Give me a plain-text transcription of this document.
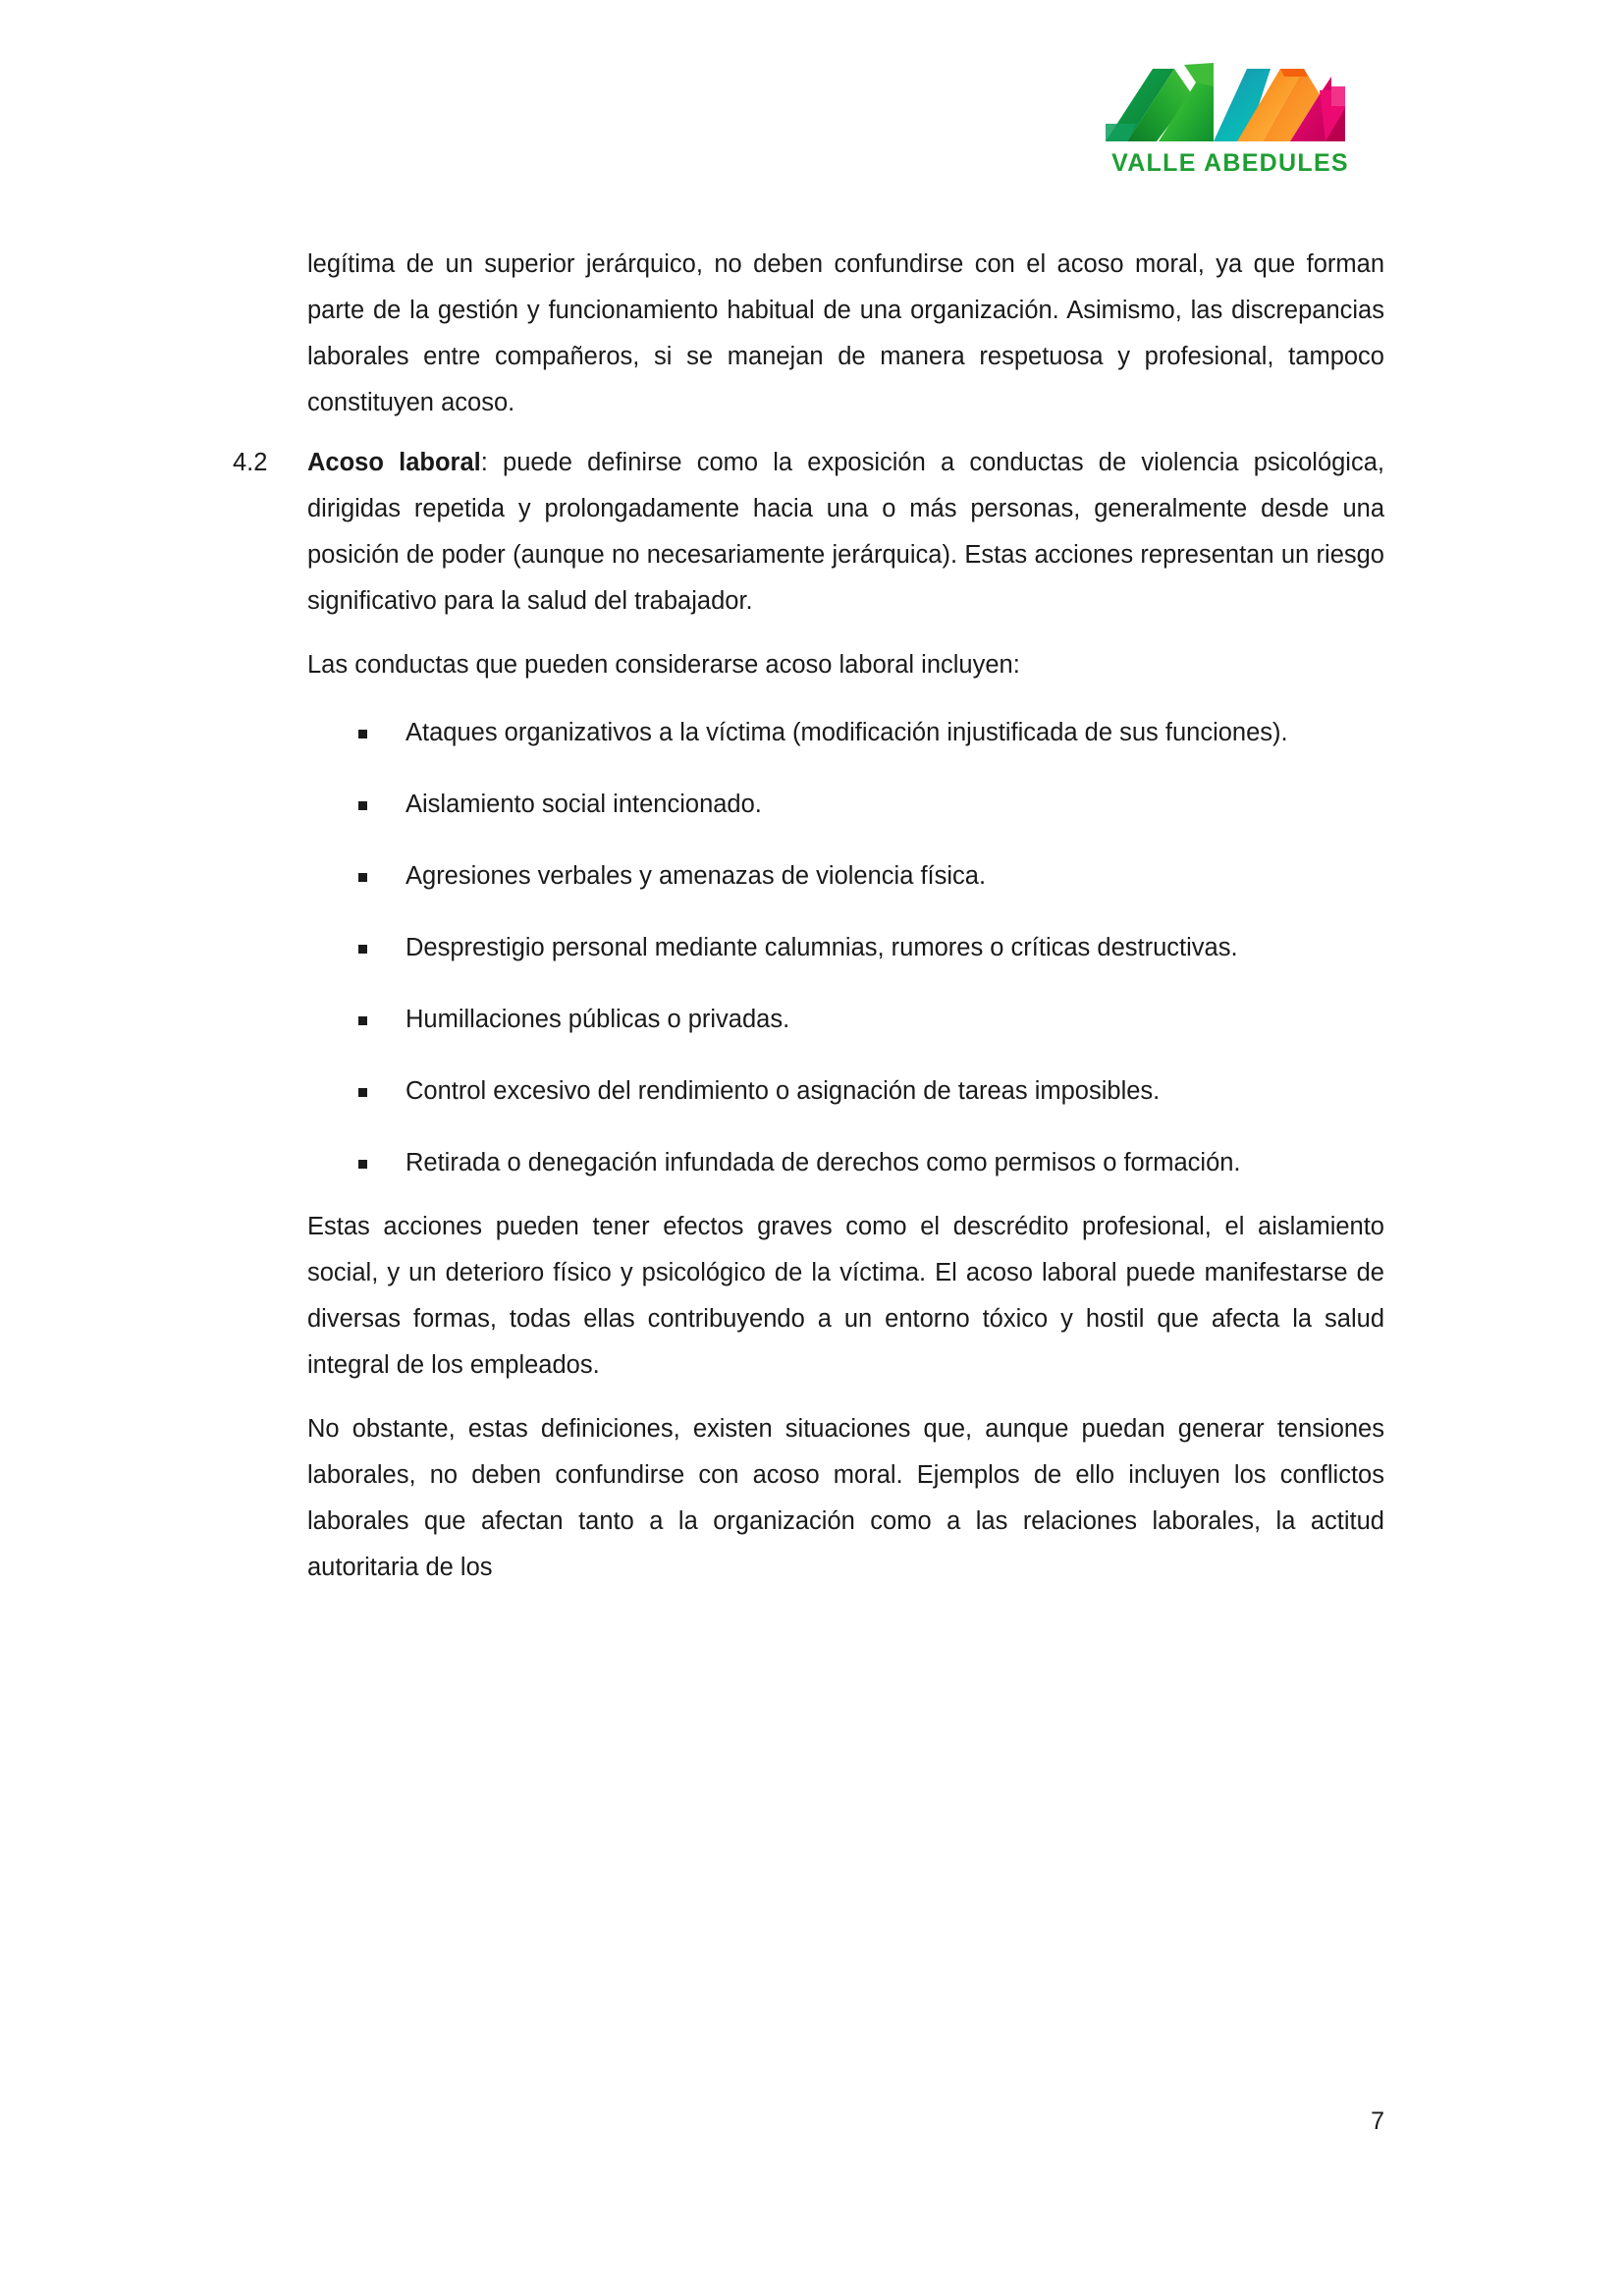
VALLE ABEDULES

legítima de un superior jerárquico, no deben confundirse con el acoso moral, ya que forman parte de la gestión y funcionamiento habitual de una organización. Asimismo, las discrepancias laborales entre compañeros, si se manejan de manera respetuosa y profesional, tampoco constituyen acoso.

4.2 Acoso laboral: puede definirse como la exposición a conductas de violencia psicológica, dirigidas repetida y prolongadamente hacia una o más personas, generalmente desde una posición de poder (aunque no necesariamente jerárquica). Estas acciones representan un riesgo significativo para la salud del trabajador.

Las conductas que pueden considerarse acoso laboral incluyen:

Ataques organizativos a la víctima (modificación injustificada de sus funciones).
Aislamiento social intencionado.
Agresiones verbales y amenazas de violencia física.
Desprestigio personal mediante calumnias, rumores o críticas destructivas.
Humillaciones públicas o privadas.
Control excesivo del rendimiento o asignación de tareas imposibles.
Retirada o denegación infundada de derechos como permisos o formación.

Estas acciones pueden tener efectos graves como el descrédito profesional, el aislamiento social, y un deterioro físico y psicológico de la víctima. El acoso laboral puede manifestarse de diversas formas, todas ellas contribuyendo a un entorno tóxico y hostil que afecta la salud integral de los empleados.

No obstante, estas definiciones, existen situaciones que, aunque puedan generar tensiones laborales, no deben confundirse con acoso moral. Ejemplos de ello incluyen los conflictos laborales que afectan tanto a la organización como a las relaciones laborales, la actitud autoritaria de los

7
